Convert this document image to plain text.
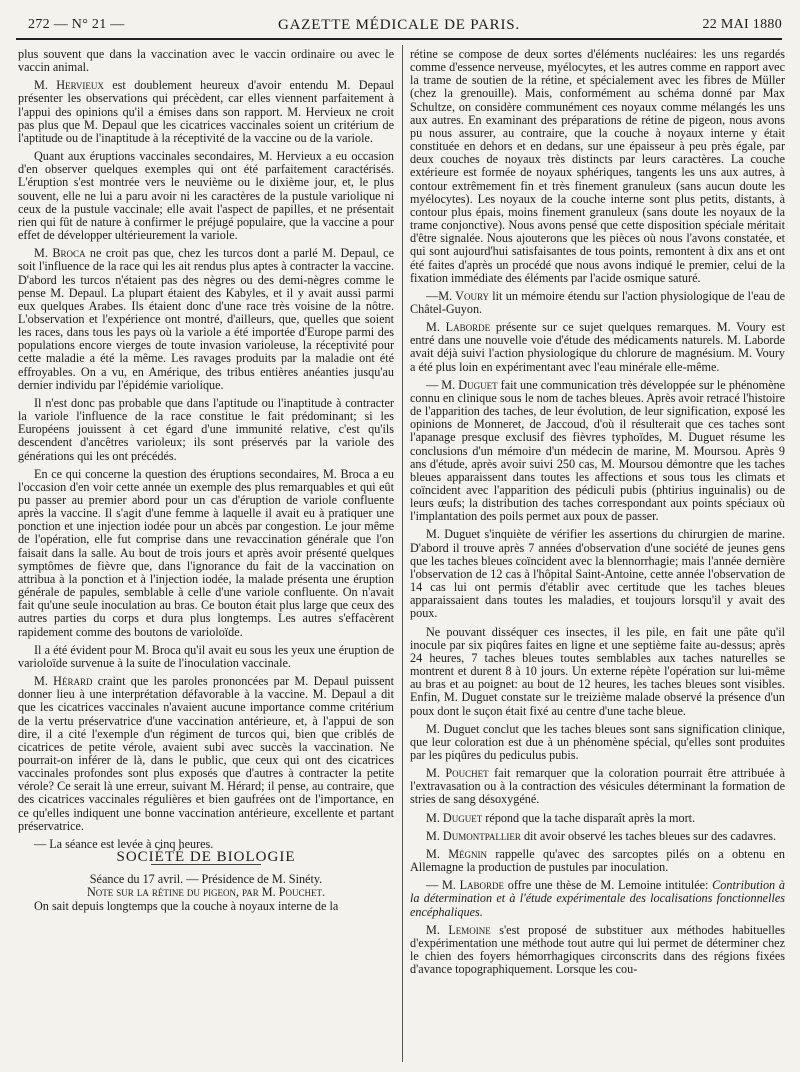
272 — N° 21 —	GAZETTE MÉDICALE DE PARIS.	22 MAI 1880

plus souvent que dans la vaccination avec le vaccin ordinaire ou avec le vaccin animal.

M. Hervieux est doublement heureux d'avoir entendu M. Depaul présenter les observations qui précèdent, car elles viennent parfaitement à l'appui des opinions qu'il a émises dans son rapport. M. Hervieux ne croit pas plus que M. Depaul que les cicatrices vaccinales soient un critérium de l'aptitude ou de l'inaptitude à la réceptivité de la vaccine ou de la variole.

Quant aux éruptions vaccinales secondaires, M. Hervieux a eu occasion d'en observer quelques exemples qui ont été parfaitement caractérisés. L'éruption s'est montrée vers le neuvième ou le dixième jour, et, le plus souvent, elle ne lui a paru avoir ni les caractères de la pustule variolique ni ceux de la pustule vaccinale; elle avait l'aspect de papilles, et ne présentait rien qui fût de nature à confirmer le préjugé populaire, que la vaccine a pour effet de développer ultérieurement la variole.

M. Broca ne croit pas que, chez les turcos dont a parlé M. Depaul, ce soit l'influence de la race qui les ait rendus plus aptes à contracter la vaccine. D'abord les turcos n'étaient pas des nègres ou des demi-nègres comme le pense M. Depaul. La plupart étaient des Kabyles, et il y avait aussi parmi eux quelques Arabes. Ils étaient donc d'une race très voisine de la nôtre. L'observation et l'expérience ont montré, d'ailleurs, que, quelles que soient les races, dans tous les pays où la variole a été importée d'Europe parmi des populations encore vierges de toute invasion varioleuse, la réceptivité pour cette maladie a été la même. Les ravages produits par la maladie ont été effroyables. On a vu, en Amérique, des tribus entières anéanties jusqu'au dernier individu par l'épidémie variolique.

Il n'est donc pas probable que dans l'aptitude ou l'inaptitude à contracter la variole l'influence de la race constitue le fait prédominant; si les Européens jouissent à cet égard d'une immunité relative, c'est qu'ils descendent d'ancêtres varioleux; ils sont préservés par la variole des générations qui les ont précédés.

En ce qui concerne la question des éruptions secondaires, M. Broca a eu l'occasion d'en voir cette année un exemple des plus remarquables et qui eût pu passer au premier abord pour un cas d'éruption de variole confluente après la vaccine. Il s'agit d'une femme à laquelle il avait eu à pratiquer une ponction et une injection iodée pour un abcès par congestion. Le jour même de l'opération, elle fut comprise dans une revaccination générale que l'on faisait dans la salle. Au bout de trois jours et après avoir présenté quelques symptômes de fièvre que, dans l'ignorance du fait de la vaccination on attribua à la ponction et à l'injection iodée, la malade présenta une éruption générale de papules, semblable à celle d'une variole confluente. On n'avait fait qu'une seule inoculation au bras. Ce bouton était plus large que ceux des autres parties du corps et dura plus longtemps. Les autres s'effacèrent rapidement comme des boutons de varioloïde.

Il a été évident pour M. Broca qu'il avait eu sous les yeux une éruption de varioloïde survenue à la suite de l'inoculation vaccinale.

M. Hérard craint que les paroles prononcées par M. Depaul puissent donner lieu à une interprétation défavorable à la vaccine. M. Depaul a dit que les cicatrices vaccinales n'avaient aucune importance comme critérium de la vertu préservatrice d'une vaccination antérieure, et, à l'appui de son dire, il a cité l'exemple d'un régiment de turcos qui, bien que criblés de cicatrices de petite vérole, avaient subi avec succès la vaccination. Ne pourrait-on inférer de là, dans le public, que ceux qui ont des cicatrices vaccinales profondes sont plus exposés que d'autres à contracter la petite vérole? Ce serait là une erreur, suivant M. Hérard; il pense, au contraire, que des cicatrices vaccinales régulières et bien gaufrées ont de l'importance, en ce qu'elles indiquent une bonne vaccination antérieure, excellente et partant préservatrice.

— La séance est levée à cinq heures.

SOCIÉTÉ DE BIOLOGIE

Séance du 17 avril. — Présidence de M. Sinéty.

Note sur la rétine du pigeon, par M. Pouchet.

On sait depuis longtemps que la couche à noyaux interne de la

rétine se compose de deux sortes d'éléments nucléaires: les uns regardés comme d'essence nerveuse, myélocytes, et les autres comme en rapport avec la trame de soutien de la rétine, et spécialement avec les fibres de Müller (chez la grenouille). Mais, conformément au schéma donné par Max Schultze, on considère communément ces noyaux comme mélangés les uns aux autres. En examinant des préparations de rétine de pigeon, nous avons pu nous assurer, au contraire, que la couche à noyaux interne y était constituée en dehors et en dedans, sur une épaisseur à peu près égale, par deux couches de noyaux très distincts par leurs caractères. La couche extérieure est formée de noyaux sphériques, tangents les uns aux autres, à contour extrêmement fin et très finement granuleux (sans aucun doute les myélocytes). Les noyaux de la couche interne sont plus petits, distants, à contour plus épais, moins finement granuleux (sans doute les noyaux de la trame conjonctive). Nous avons pensé que cette disposition spéciale méritait d'être signalée. Nous ajouterons que les pièces où nous l'avons constatée, et qui sont aujourd'hui satisfaisantes de tous points, remontent à dix ans et ont été faites d'après un procédé que nous avons indiqué le premier, celui de la fixation immédiate des éléments par l'acide osmique saturé.

—M. Voury lit un mémoire étendu sur l'action physiologique de l'eau de Châtel-Guyon.

M. Laborde présente sur ce sujet quelques remarques. M. Voury est entré dans une nouvelle voie d'étude des médicaments naturels. M. Laborde avait déjà suivi l'action physiologique du chlorure de magnésium. M. Voury a été plus loin en expérimentant avec l'eau minérale elle-même.

— M. Duguet fait une communication très développée sur le phénomène connu en clinique sous le nom de taches bleues. Après avoir retracé l'histoire de l'apparition des taches, de leur évolution, de leur signification, exposé les opinions de Monneret, de Jaccoud, d'où il résulterait que ces taches sont l'apanage presque exclusif des fièvres typhoïdes, M. Duguet résume les conclusions d'un mémoire d'un médecin de marine, M. Moursou. Après 9 ans d'étude, après avoir suivi 250 cas, M. Moursou démontre que les taches bleues apparaissent dans toutes les affections et sous tous les climats et coïncident avec l'apparition des pédiculi pubis (phtirius inguinalis) ou de leurs œufs; la distribution des taches correspondant aux points spéciaux où l'implantation des poils permet aux poux de passer.

M. Duguet s'inquiète de vérifier les assertions du chirurgien de marine. D'abord il trouve après 7 années d'observation d'une société de jeunes gens que les taches bleues coïncident avec la blennorrhagie; mais l'année dernière l'observation de 12 cas à l'hôpital Saint-Antoine, cette année l'observation de 14 cas lui ont permis d'établir avec certitude que les taches bleues apparaissaient dans toutes les maladies, et toujours lorsqu'il y avait des poux.

Ne pouvant disséquer ces insectes, il les pile, en fait une pâte qu'il inocule par six piqûres faites en ligne et une septième faite au-dessus; après 24 heures, 7 taches bleues toutes semblables aux taches naturelles se montrent et durent 8 à 10 jours. Un externe répète l'opération sur lui-même au bras et au poignet: au bout de 12 heures, les taches bleues sont visibles. Enfin, M. Duguet constate sur le treizième malade observé la présence d'un poux dont le suçon était fixé au centre d'une tache bleue.

M. Duguet conclut que les taches bleues sont sans signification clinique, que leur coloration est due à un phénomène spécial, qu'elles sont produites par les piqûres du pediculus pubis.

M. Pouchet fait remarquer que la coloration pourrait être attribuée à l'extravasation ou à la contraction des vésicules déterminant la formation de stries de sang désoxygéné.

M. Duguet répond que la tache disparaît après la mort.

M. Dumontpallier dit avoir observé les taches bleues sur des cadavres.

M. Mégnin rappelle qu'avec des sarcoptes pilés on a obtenu en Allemagne la production de pustules par inoculation.

— M. Laborde offre une thèse de M. Lemoine intitulée: Contribution à la détermination et à l'étude expérimentale des localisations fonctionnelles encéphaliques.

M. Lemoine s'est proposé de substituer aux méthodes habituelles d'expérimentation une méthode tout autre qui lui permet de déterminer chez le chien des foyers hémorrhagiques circonscrits dans des régions fixées d'avance topographiquement. Lorsque les cou-
